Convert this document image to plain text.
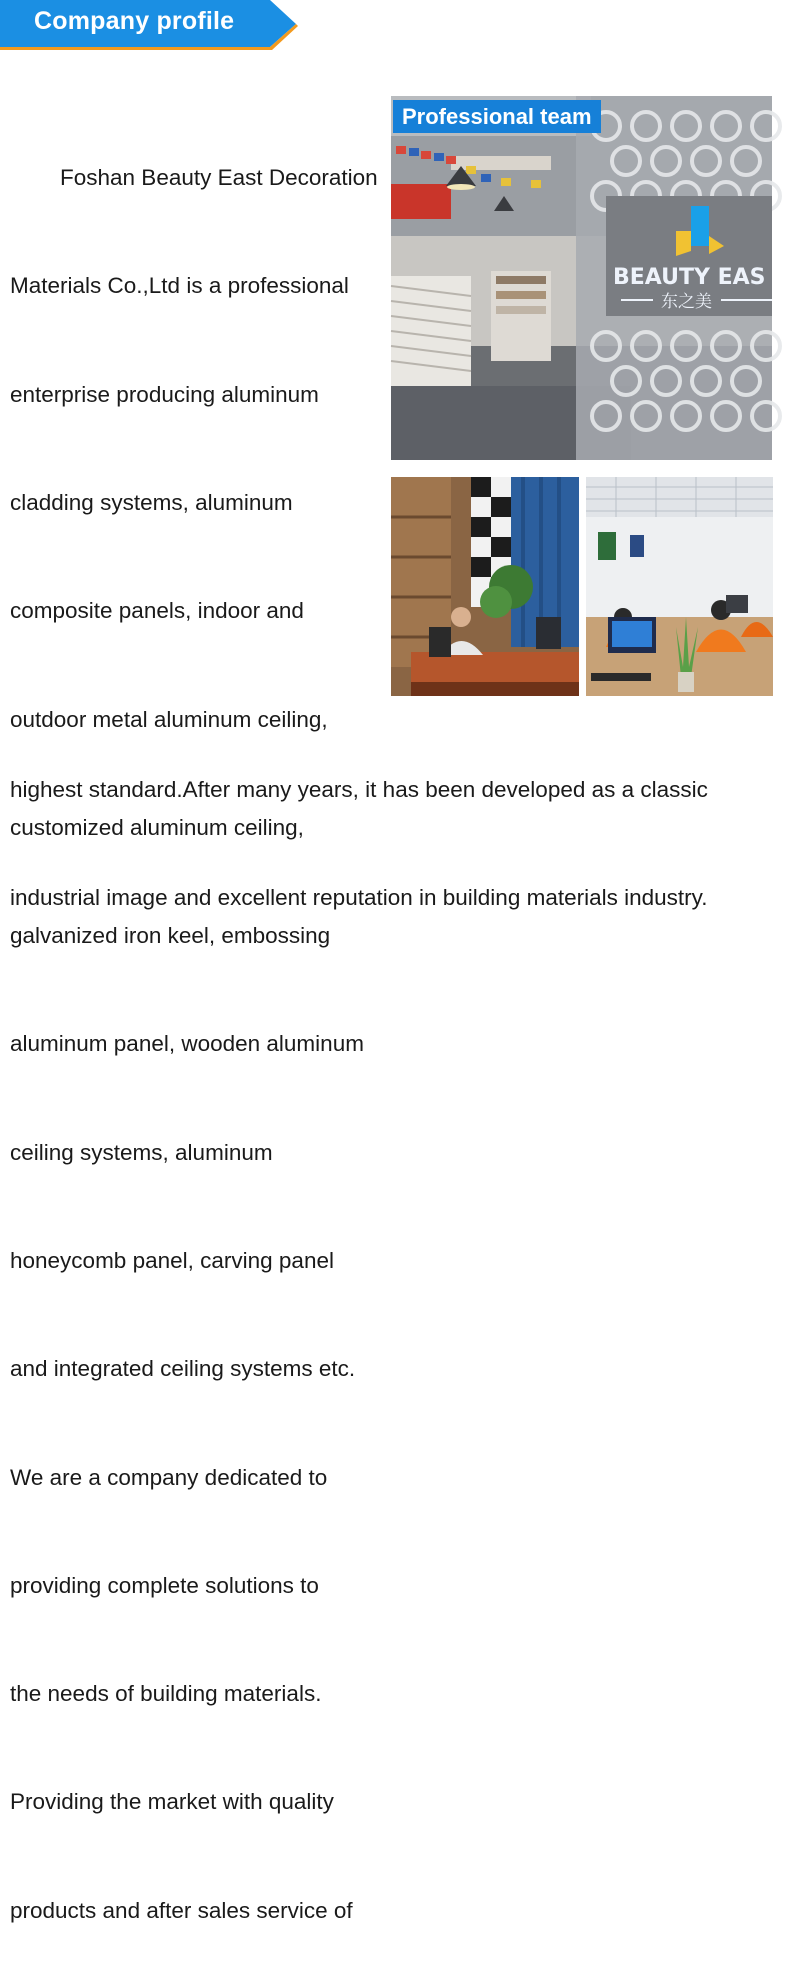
Company profile

Foshan Beauty East Decoration

Materials Co.,Ltd is a professional

enterprise producing aluminum

cladding systems, aluminum

composite panels, indoor and

outdoor metal aluminum ceiling,

customized aluminum ceiling,

galvanized iron keel, embossing

aluminum panel, wooden aluminum

ceiling systems, aluminum

honeycomb panel, carving panel

and integrated ceiling systems etc.

We are a company dedicated to

providing complete solutions to

the needs of building materials.

Providing the market with quality

products and after sales service of

highest standard.After many years, it has been developed as a classic

industrial image and excellent reputation in building materials industry.

BEAUTY EAS
东之美
Professional team
